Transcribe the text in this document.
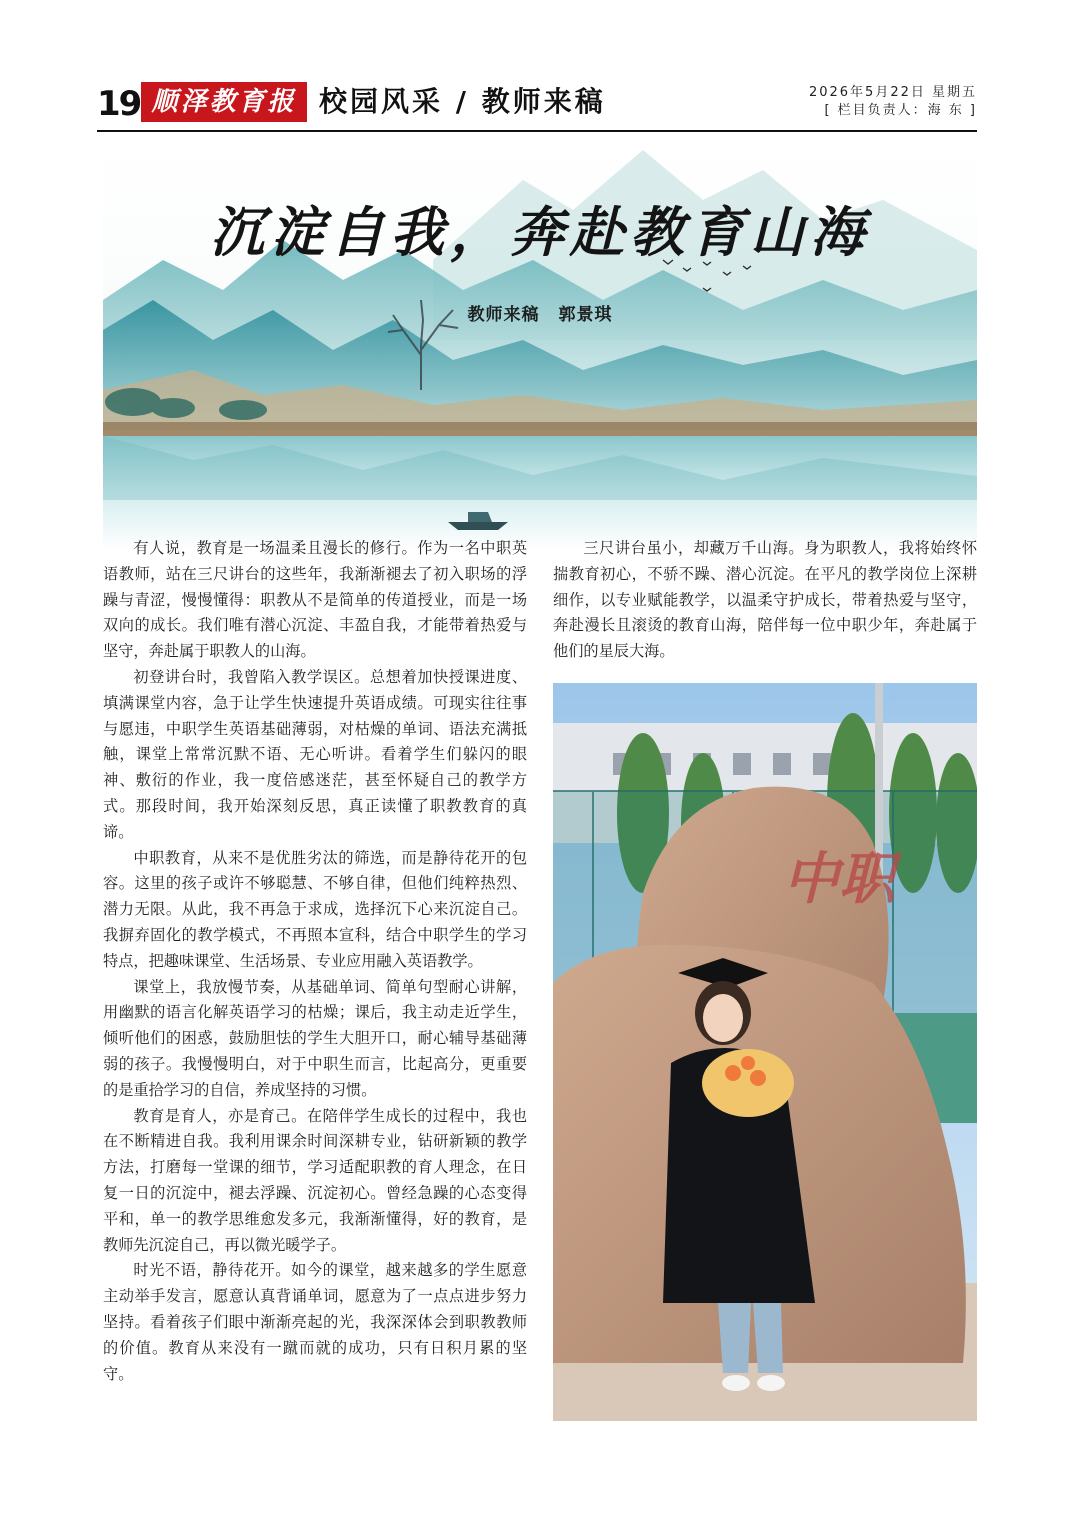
19 顺泽教育报 校园风采 / 教师来稿	2026年5月22日 星期五
[ 栏目负责人：海 东 ]
沉淀自我，奔赴教育山海
教师来稿 郭景琪

有人说，教育是一场温柔且漫长的修行。作为一名中职英语教师，站在三尺讲台的这些年，我渐渐褪去了初入职场的浮躁与青涩，慢慢懂得：职教从不是简单的传道授业，而是一场双向的成长。我们唯有潜心沉淀、丰盈自我，才能带着热爱与坚守，奔赴属于职教人的山海。

初登讲台时，我曾陷入教学误区。总想着加快授课进度、填满课堂内容，急于让学生快速提升英语成绩。可现实往往事与愿违，中职学生英语基础薄弱，对枯燥的单词、语法充满抵触，课堂上常常沉默不语、无心听讲。看着学生们躲闪的眼神、敷衍的作业，我一度倍感迷茫，甚至怀疑自己的教学方式。那段时间，我开始深刻反思，真正读懂了职教教育的真谛。

中职教育，从来不是优胜劣汰的筛选，而是静待花开的包容。这里的孩子或许不够聪慧、不够自律，但他们纯粹热烈、潜力无限。从此，我不再急于求成，选择沉下心来沉淀自己。我摒弃固化的教学模式，不再照本宣科，结合中职学生的学习特点，把趣味课堂、生活场景、专业应用融入英语教学。

课堂上，我放慢节奏，从基础单词、简单句型耐心讲解，用幽默的语言化解英语学习的枯燥；课后，我主动走近学生，倾听他们的困惑，鼓励胆怯的学生大胆开口，耐心辅导基础薄弱的孩子。我慢慢明白，对于中职生而言，比起高分，更重要的是重拾学习的自信，养成坚持的习惯。

教育是育人，亦是育己。在陪伴学生成长的过程中，我也在不断精进自我。我利用课余时间深耕专业，钻研新颖的教学方法，打磨每一堂课的细节，学习适配职教的育人理念，在日复一日的沉淀中，褪去浮躁、沉淀初心。曾经急躁的心态变得平和，单一的教学思维愈发多元，我渐渐懂得，好的教育，是教师先沉淀自己，再以微光暖学子。

时光不语，静待花开。如今的课堂，越来越多的学生愿意主动举手发言，愿意认真背诵单词，愿意为了一点点进步努力坚持。看着孩子们眼中渐渐亮起的光，我深深体会到职教教师的价值。教育从来没有一蹴而就的成功，只有日积月累的坚守。

三尺讲台虽小，却藏万千山海。身为职教人，我将始终怀揣教育初心，不骄不躁、潜心沉淀。在平凡的教学岗位上深耕细作，以专业赋能教学，以温柔守护成长，带着热爱与坚守，奔赴漫长且滚烫的教育山海，陪伴每一位中职少年，奔赴属于他们的星辰大海。

中职
